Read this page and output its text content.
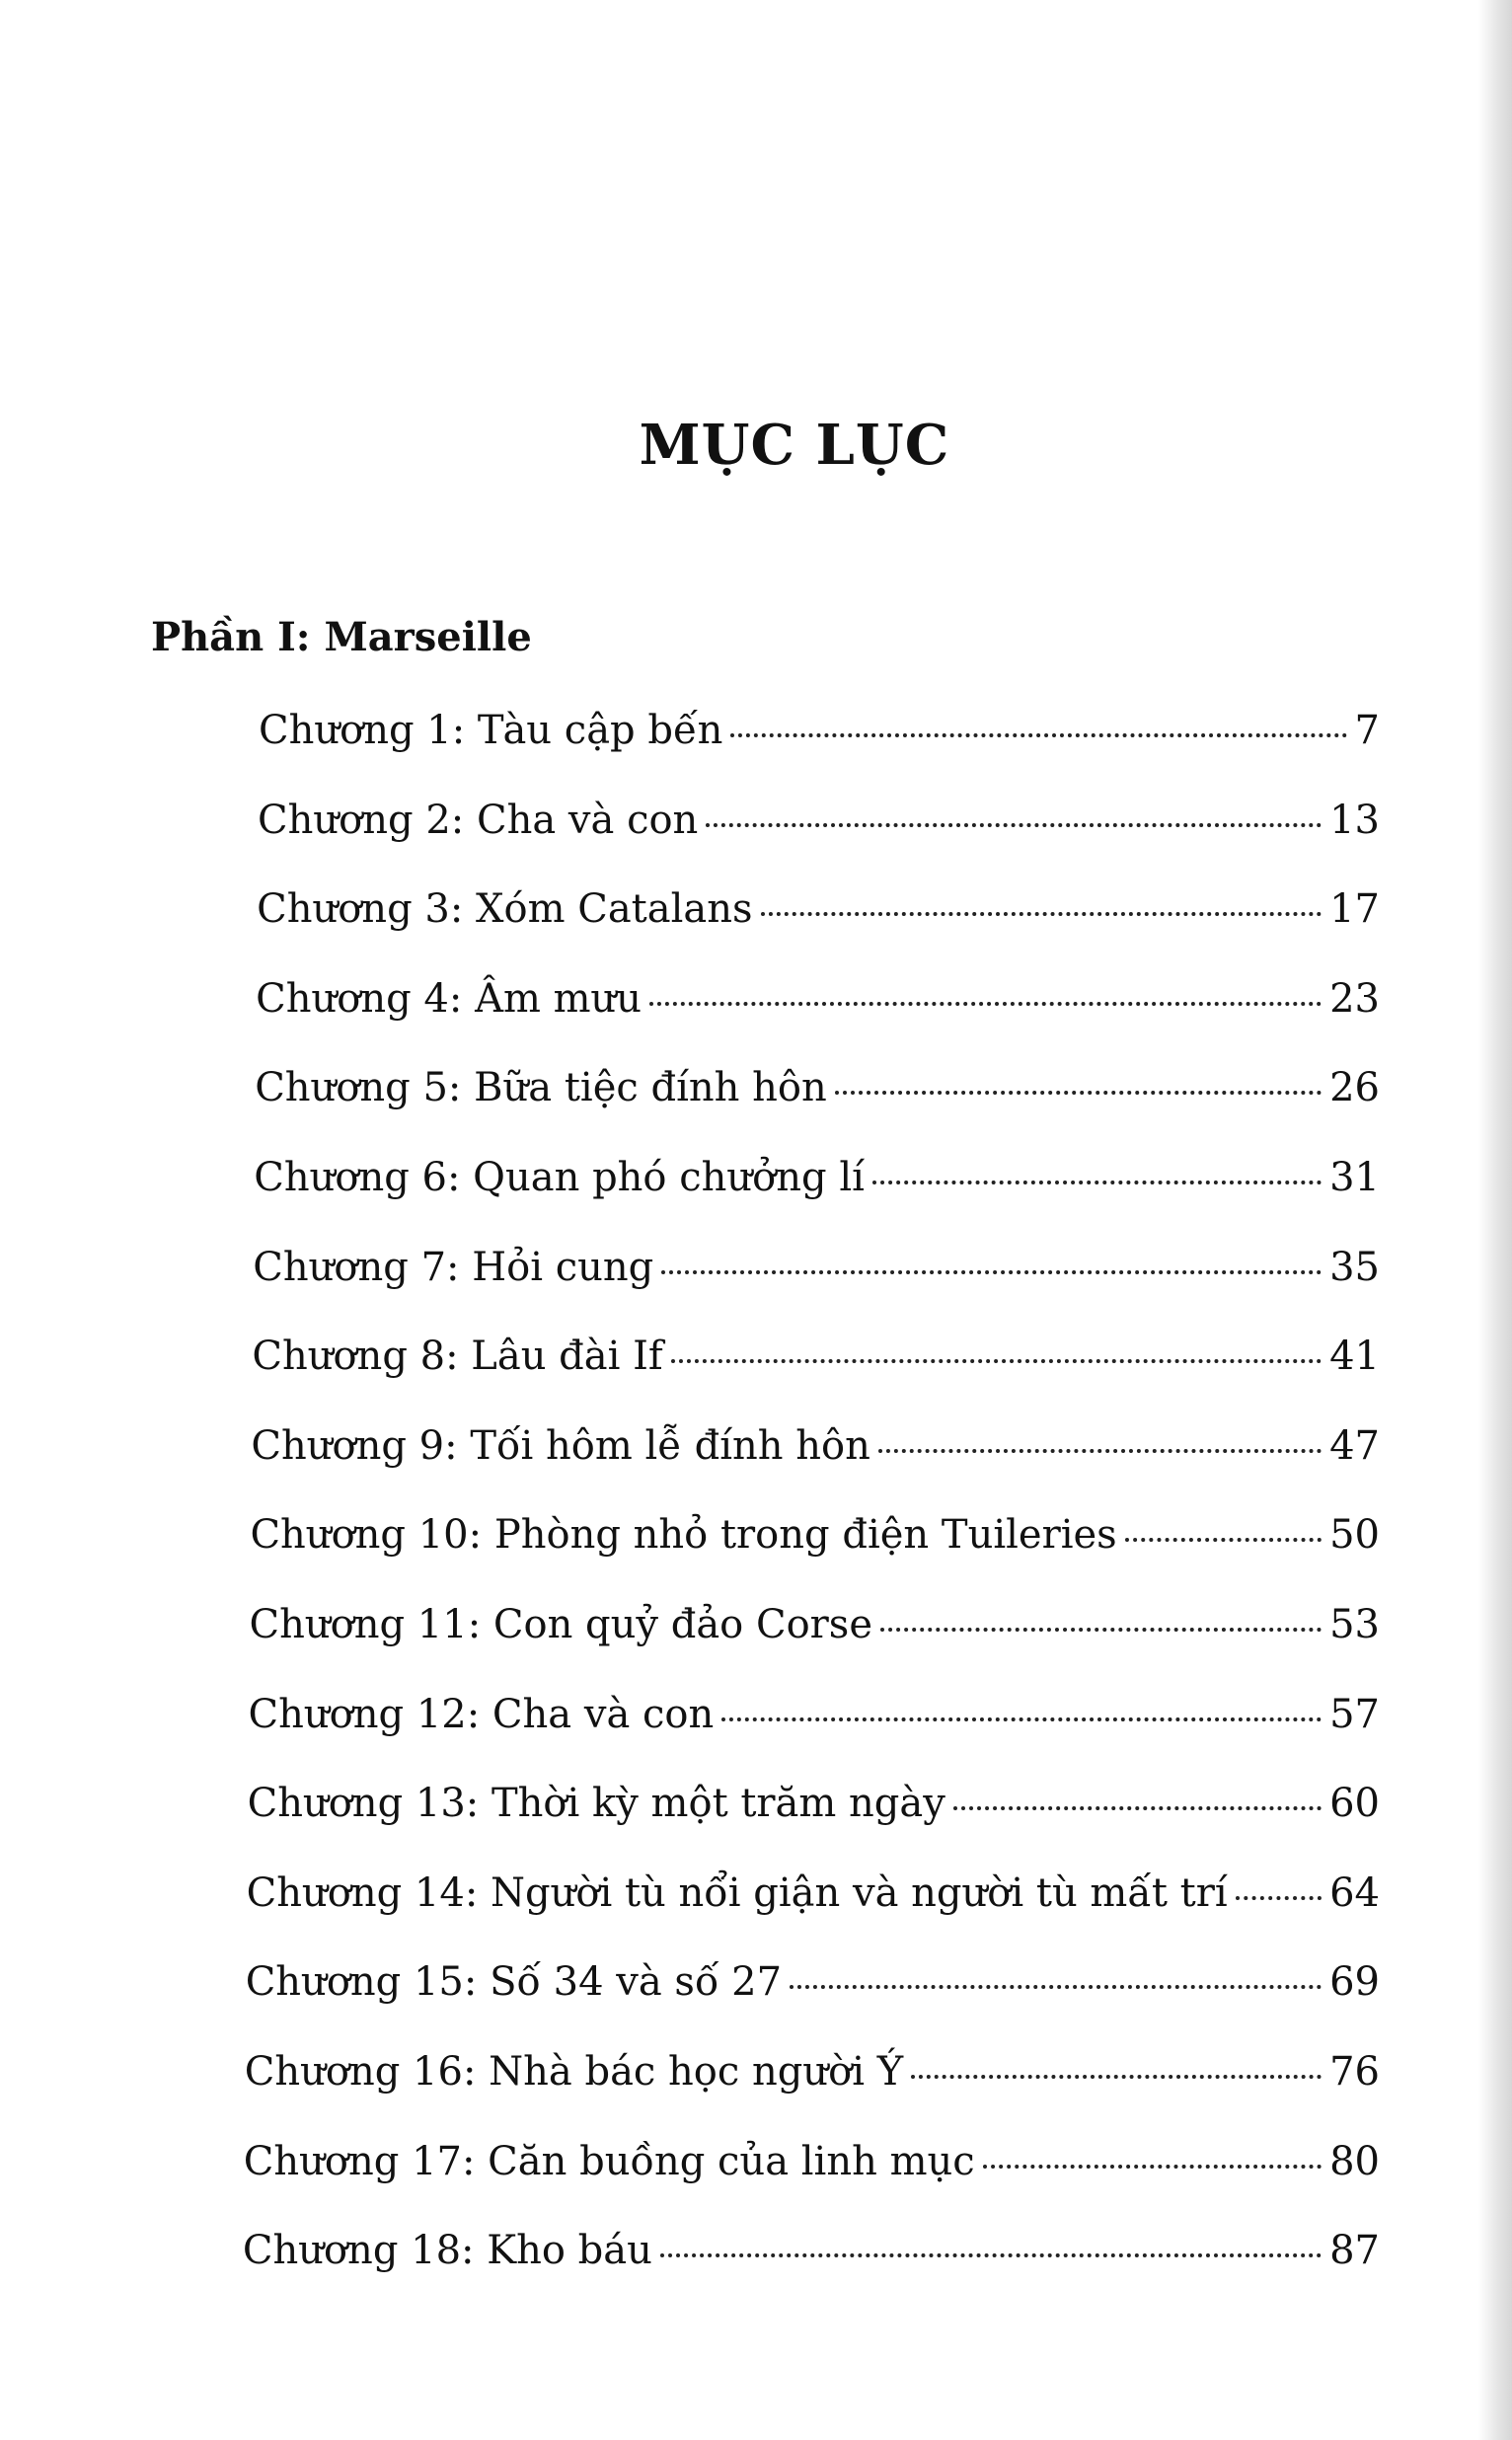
MỤC LỤC
Phần I: Marseille
Chương 1: Tàu cập bến	7
Chương 2: Cha và con	13
Chương 3: Xóm Catalans	17
Chương 4: Âm mưu	23
Chương 5: Bữa tiệc đính hôn	26
Chương 6: Quan phó chưởng lí	31
Chương 7: Hỏi cung	35
Chương 8: Lâu đài If	41
Chương 9: Tối hôm lễ đính hôn	47
Chương 10: Phòng nhỏ trong điện Tuileries	50
Chương 11: Con quỷ đảo Corse	53
Chương 12: Cha và con	57
Chương 13: Thời kỳ một trăm ngày	60
Chương 14: Người tù nổi giận và người tù mất trí	64
Chương 15: Số 34 và số 27	69
Chương 16: Nhà bác học người Ý	76
Chương 17: Căn buồng của linh mục	80
Chương 18: Kho báu	87
